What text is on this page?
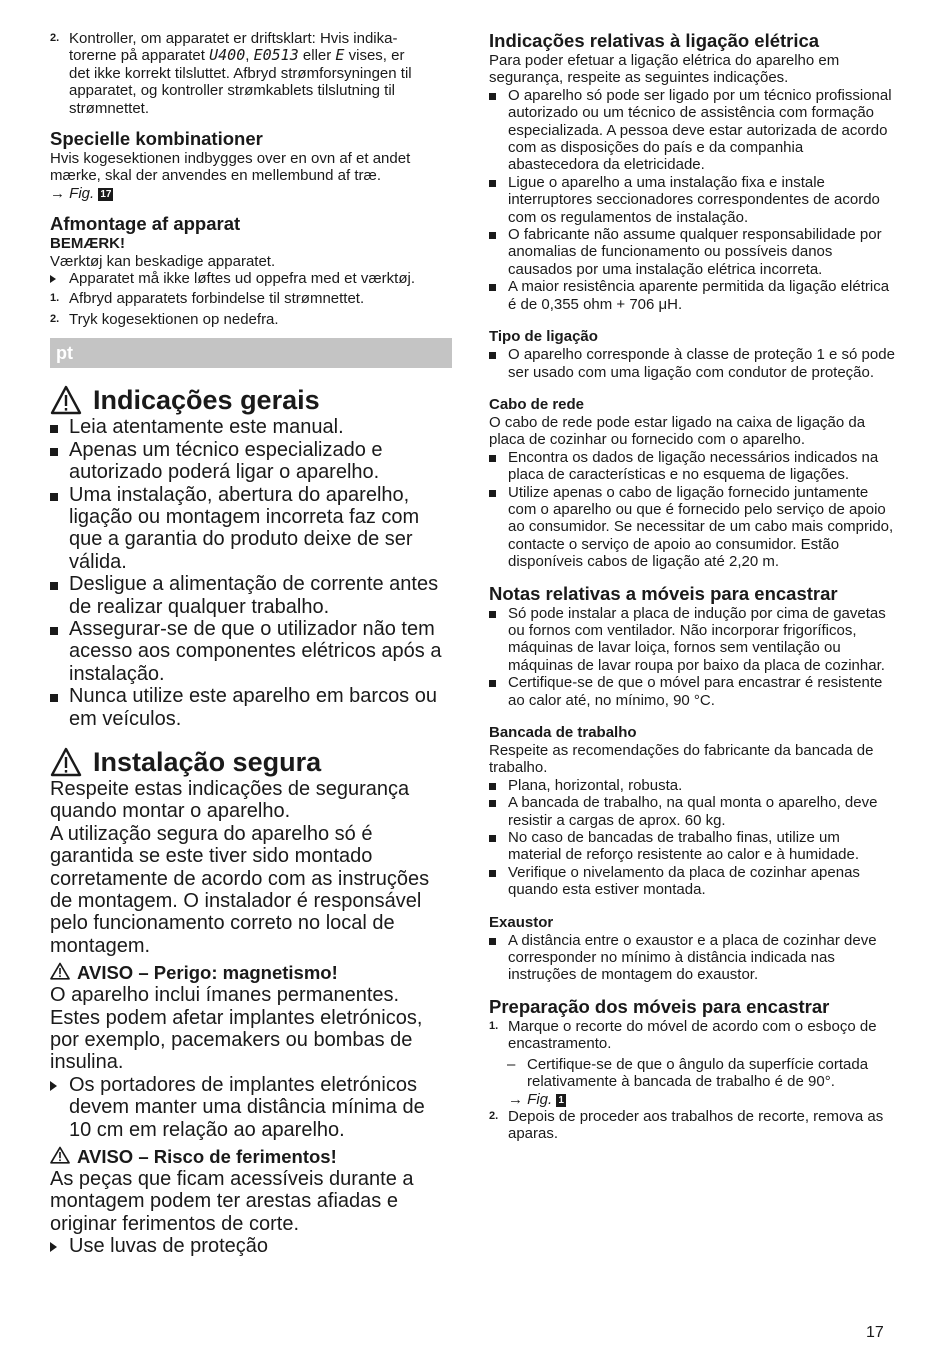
2. Kontroller, om apparatet er driftsklart: Hvis indika-
torerne på apparatet U400, E0513 eller E vises, er
det ikke korrekt tilsluttet. Afbryd strømforsyningen til apparatet, og kontroller strømkablets tilslutning til strømnettet.

Specielle kombinationer

Hvis kogesektionen indbygges over en ovn af et andet mærke, skal der anvendes en mellembund af træ.
→ Fig. 17

Afmontage af apparat

BEMÆRK!

Værktøj kan beskadige apparatet.

Apparatet må ikke løftes ud oppefra med et værktøj.

1. Afbryd apparatets forbindelse til strømnettet.

2. Tryk kogesektionen op nedefra.

pt
Indicações gerais

Leia atentamente este manual.

Apenas um técnico especializado e autorizado poderá ligar o aparelho.

Uma instalação, abertura do aparelho, ligação ou montagem incorreta faz com que a garantia do produto deixe de ser válida.

Desligue a alimentação de corrente antes de realizar qualquer trabalho.

Assegurar-se de que o utilizador não tem acesso aos componentes elétricos após a instalação.

Nunca utilize este aparelho em barcos ou em veículos.

Instalação segura

Respeite estas indicações de segurança quando montar o aparelho.

A utilização segura do aparelho só é garantida se este tiver sido montado corretamente de acordo com as instruções de montagem. O instalador é responsável pelo funcionamento correto no local de montagem.

AVISO – Perigo: magnetismo!

O aparelho inclui ímanes permanentes. Estes podem afetar implantes eletrónicos, por exemplo, pacemakers ou bombas de insulina.

Os portadores de implantes eletrónicos devem manter uma distância mínima de 10 cm em relação ao aparelho.

AVISO – Risco de ferimentos!

As peças que ficam acessíveis durante a montagem podem ter arestas afiadas e originar ferimentos de corte.

Use luvas de proteção

Indicações relativas à ligação elétrica

Para poder efetuar a ligação elétrica do aparelho em segurança, respeite as seguintes indicações.

O aparelho só pode ser ligado por um técnico profissional autorizado ou um técnico de assistência com formação especializada. A pessoa deve estar autorizada de acordo com as disposições do país e da companhia abastecedora da eletricidade.

Ligue o aparelho a uma instalação fixa e instale interruptores seccionadores correspondentes de acordo com os regulamentos de instalação.

O fabricante não assume qualquer responsabilidade por anomalias de funcionamento ou possíveis danos causados por uma instalação elétrica incorreta.

A maior resistência aparente permitida da ligação elétrica é de 0,355 ohm + 706 μH.

Tipo de ligação

O aparelho corresponde à classe de proteção 1 e só pode ser usado com uma ligação com condutor de proteção.

Cabo de rede

O cabo de rede pode estar ligado na caixa de ligação da placa de cozinhar ou fornecido com o aparelho.

Encontra os dados de ligação necessários indicados na placa de características e no esquema de ligações.

Utilize apenas o cabo de ligação fornecido juntamente com o aparelho ou que é fornecido pelo serviço de apoio ao consumidor. Se necessitar de um cabo mais comprido, contacte o serviço de apoio ao consumidor. Estão disponíveis cabos de ligação até 2,20 m.

Notas relativas a móveis para encastrar

Só pode instalar a placa de indução por cima de gavetas ou fornos com ventilador. Não incorporar frigoríficos, máquinas de lavar loiça, fornos sem ventilação ou máquinas de lavar roupa por baixo da placa de cozinhar.

Certifique-se de que o móvel para encastrar é resistente ao calor até, no mínimo, 90 °C.

Bancada de trabalho

Respeite as recomendações do fabricante da bancada de trabalho.

Plana, horizontal, robusta.

A bancada de trabalho, na qual monta o aparelho, deve resistir a cargas de aprox. 60 kg.

No caso de bancadas de trabalho finas, utilize um material de reforço resistente ao calor e à humidade.

Verifique o nivelamento da placa de cozinhar apenas quando esta estiver montada.

Exaustor

A distância entre o exaustor e a placa de cozinhar deve corresponder no mínimo à distância indicada nas instruções de montagem do exaustor.

Preparação dos móveis para encastrar

1. Marque o recorte do móvel de acordo com o esboço de encastramento.

– Certifique-se de que o ângulo da superfície cortada relativamente à bancada de trabalho é de 90°.

→ Fig. 1

2. Depois de proceder aos trabalhos de recorte, remova as aparas.

17
